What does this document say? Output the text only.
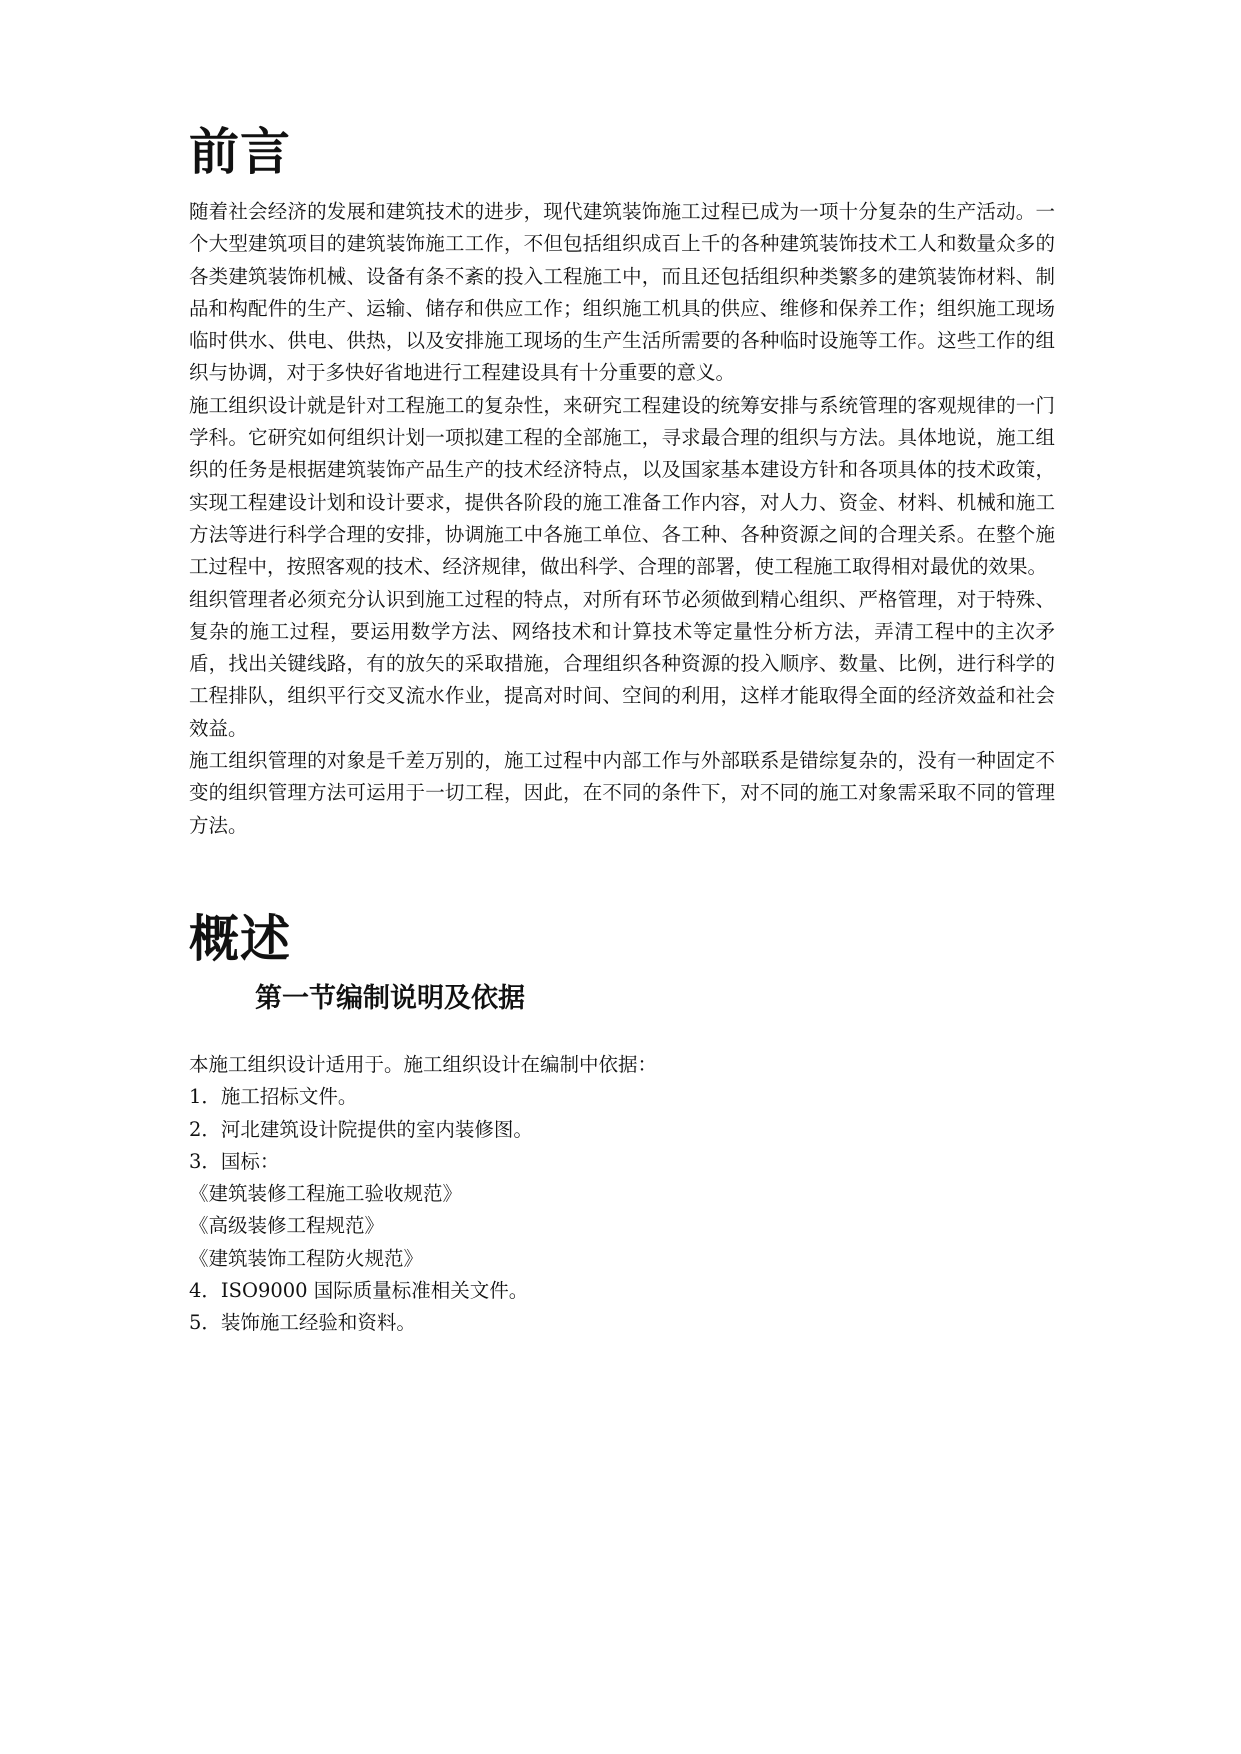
前言

随着社会经济的发展和建筑技术的进步，现代建筑装饰施工过程已成为一项十分复杂的生产活动。一个大型建筑项目的建筑装饰施工工作，不但包括组织成百上千的各种建筑装饰技术工人和数量众多的各类建筑装饰机械、设备有条不紊的投入工程施工中，而且还包括组织种类繁多的建筑装饰材料、制品和构配件的生产、运输、储存和供应工作；组织施工机具的供应、维修和保养工作；组织施工现场临时供水、供电、供热，以及安排施工现场的生产生活所需要的各种临时设施等工作。这些工作的组织与协调，对于多快好省地进行工程建设具有十分重要的意义。

施工组织设计就是针对工程施工的复杂性，来研究工程建设的统筹安排与系统管理的客观规律的一门学科。它研究如何组织计划一项拟建工程的全部施工，寻求最合理的组织与方法。具体地说，施工组织的任务是根据建筑装饰产品生产的技术经济特点，以及国家基本建设方针和各项具体的技术政策，实现工程建设计划和设计要求，提供各阶段的施工准备工作内容，对人力、资金、材料、机械和施工方法等进行科学合理的安排，协调施工中各施工单位、各工种、各种资源之间的合理关系。在整个施工过程中，按照客观的技术、经济规律，做出科学、合理的部署，使工程施工取得相对最优的效果。

组织管理者必须充分认识到施工过程的特点，对所有环节必须做到精心组织、严格管理，对于特殊、复杂的施工过程，要运用数学方法、网络技术和计算技术等定量性分析方法，弄清工程中的主次矛盾，找出关键线路，有的放矢的采取措施，合理组织各种资源的投入顺序、数量、比例，进行科学的工程排队，组织平行交叉流水作业，提高对时间、空间的利用，这样才能取得全面的经济效益和社会效益。

施工组织管理的对象是千差万别的，施工过程中内部工作与外部联系是错综复杂的，没有一种固定不变的组织管理方法可运用于一切工程，因此，在不同的条件下，对不同的施工对象需采取不同的管理方法。

概述
第一节编制说明及依据

本施工组织设计适用于。施工组织设计在编制中依据：

1．施工招标文件。

2．河北建筑设计院提供的室内装修图。

3．国标：

《建筑装修工程施工验收规范》

《高级装修工程规范》

《建筑装饰工程防火规范》

4．ISO9000 国际质量标准相关文件。

5．装饰施工经验和资料。
